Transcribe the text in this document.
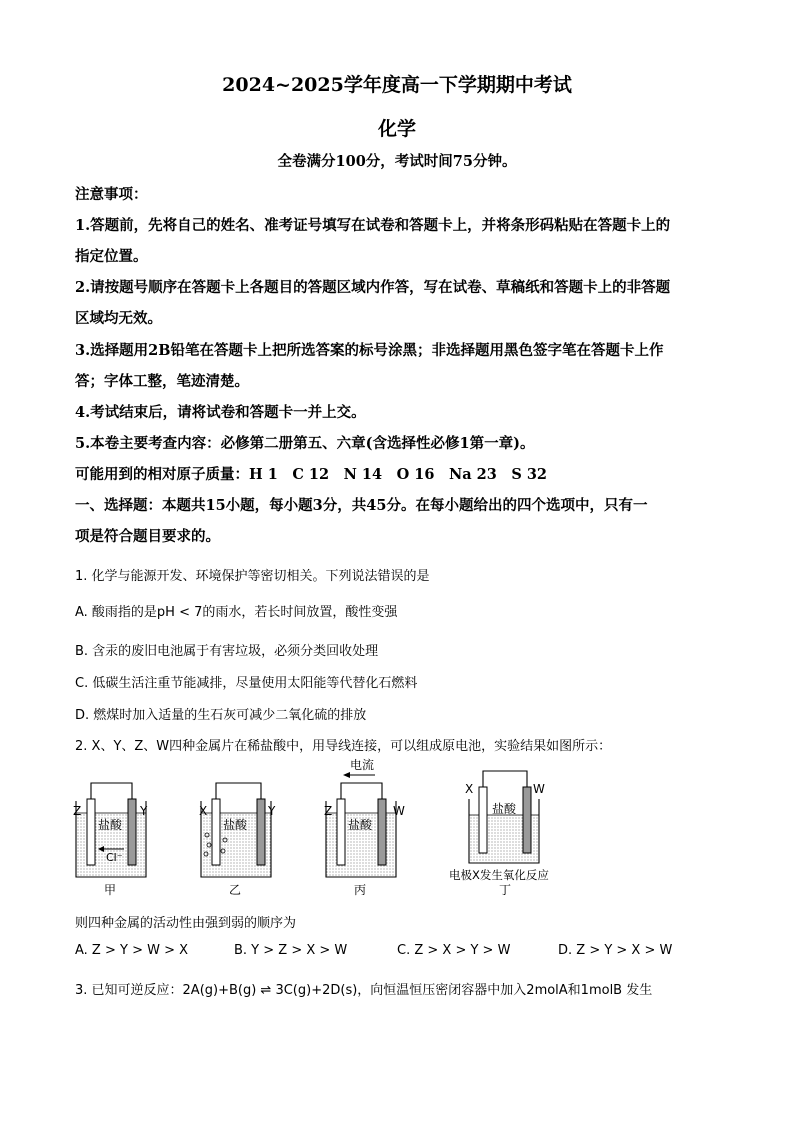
2024~2025学年度高一下学期期中考试
化学
全卷满分100分，考试时间75分钟。
注意事项：
1.答题前，先将自己的姓名、准考证号填写在试卷和答题卡上，并将条形码粘贴在答题卡上的
指定位置。
2.请按题号顺序在答题卡上各题目的答题区域内作答，写在试卷、草稿纸和答题卡上的非答题
区域均无效。
3.选择题用2B铅笔在答题卡上把所选答案的标号涂黑；非选择题用黑色签字笔在答题卡上作
答；字体工整，笔迹清楚。
4.考试结束后，请将试卷和答题卡一并上交。
5.本卷主要考查内容：必修第二册第五、六章(含选择性必修1第一章)。
可能用到的相对原子质量：H 1　C 12　N 14　O 16　Na 23　S 32
一、选择题：本题共15小题，每小题3分，共45分。在每小题给出的四个选项中，只有一
项是符合题目要求的。
1. 化学与能源开发、环境保护等密切相关。下列说法错误的是
A. 酸雨指的是pH < 7的雨水，若长时间放置，酸性变强
B. 含汞的废旧电池属于有害垃圾，必须分类回收处理
C. 低碳生活注重节能减排，尽量使用太阳能等代替化石燃料
D. 燃煤时加入适量的生石灰可减少二氧化硫的排放
2. X、Y、Z、W四种金属片在稀盐酸中，用导线连接，可以组成原电池，实验结果如图所示：
Z	Y
盐酸
Cl⁻
甲
X	Y
盐酸
乙
电流
Z	W
盐酸
丙
X	W
盐酸
电极X发生氧化反应
丁
则四种金属的活动性由强到弱的顺序为
A. Z > Y > W > X	B. Y > Z > X > W	C. Z > X > Y > W	D. Z > Y > X > W
3. 已知可逆反应：2A(g)+B(g) ⇌ 3C(g)+2D(s)，向恒温恒压密闭容器中加入2molA和1molB 发生
